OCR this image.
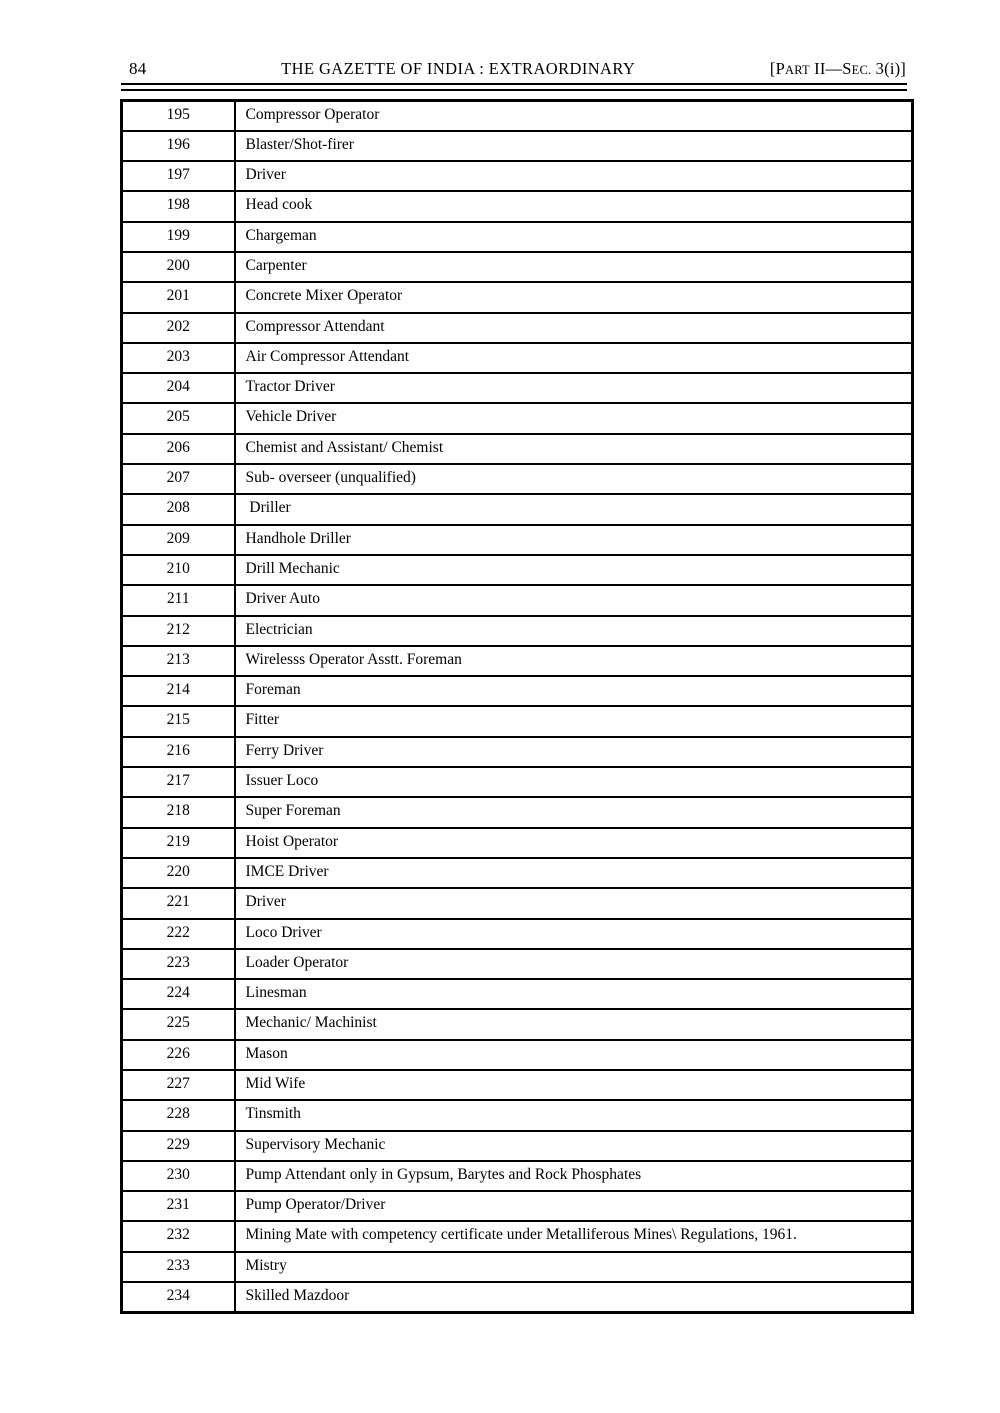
84	THE GAZETTE OF INDIA : EXTRAORDINARY	[PART II—SEC. 3(i)]
195	Compressor Operator
196	Blaster/Shot-firer
197	Driver
198	Head cook
199	Chargeman
200	Carpenter
201	Concrete Mixer Operator
202	Compressor Attendant
203	Air Compressor Attendant
204	Tractor Driver
205	Vehicle Driver
206	Chemist and Assistant/ Chemist
207	Sub- overseer (unqualified)
208	Driller
209	Handhole Driller
210	Drill Mechanic
211	Driver Auto
212	Electrician
213	Wirelesss Operator Asstt. Foreman
214	Foreman
215	Fitter
216	Ferry Driver
217	Issuer Loco
218	Super Foreman
219	Hoist Operator
220	IMCE Driver
221	Driver
222	Loco Driver
223	Loader Operator
224	Linesman
225	Mechanic/ Machinist
226	Mason
227	Mid Wife
228	Tinsmith
229	Supervisory Mechanic
230	Pump Attendant only in Gypsum, Barytes and Rock Phosphates
231	Pump Operator/Driver
232	Mining Mate with competency certificate under Metalliferous Mines\ Regulations, 1961.
233	Mistry
234	Skilled Mazdoor
